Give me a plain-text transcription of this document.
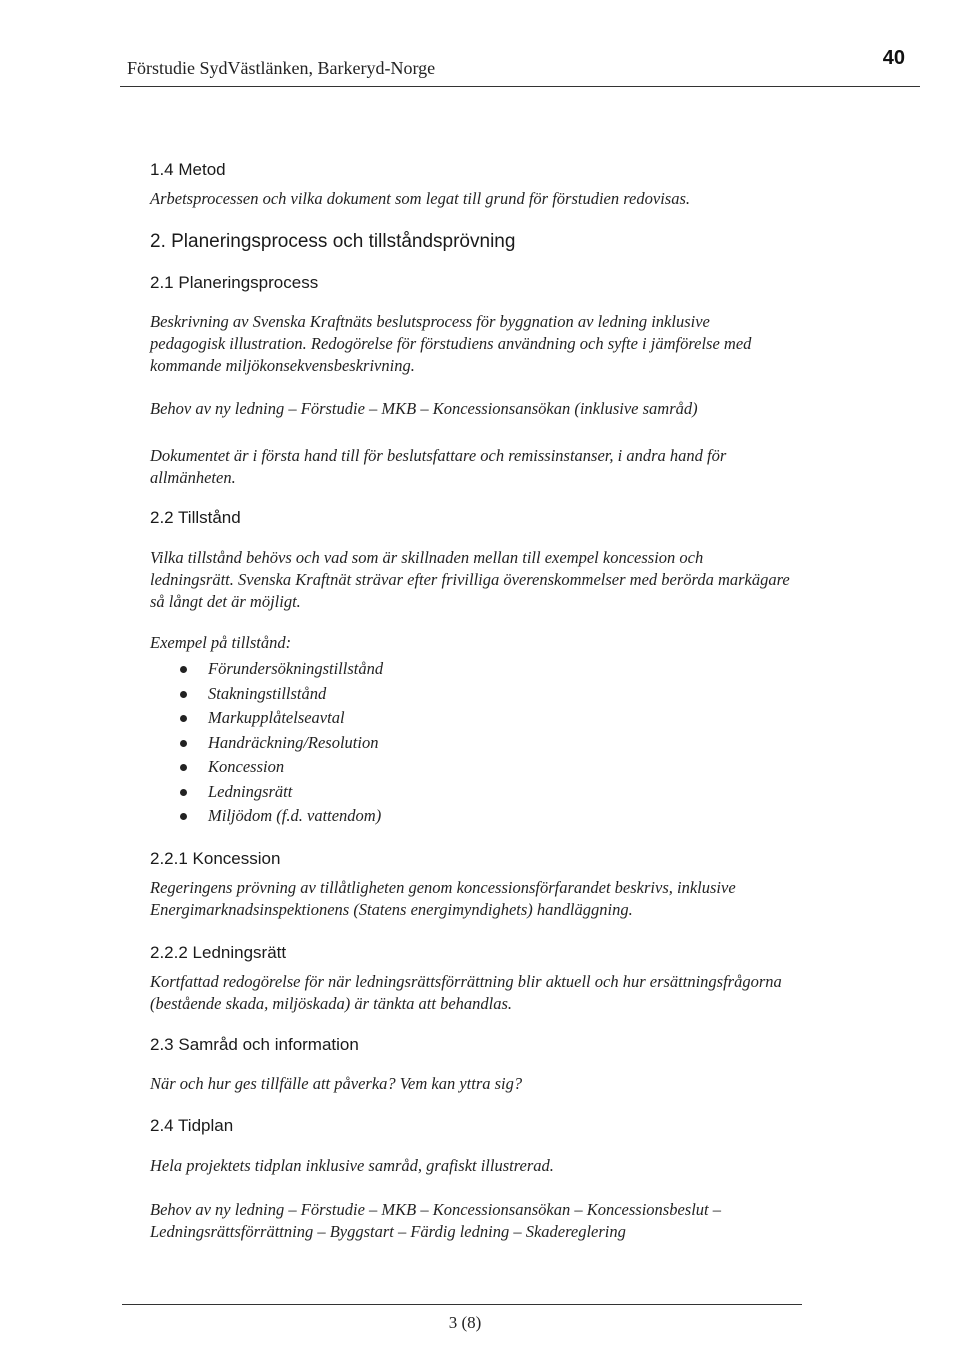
Förstudie SydVästlänken, Barkeryd-Norge	40
1.4 Metod

Arbetsprocessen och vilka dokument som legat till grund för förstudien redovisas.

2. Planeringsprocess och tillståndsprövning
2.1 Planeringsprocess

Beskrivning av Svenska Kraftnäts beslutsprocess för byggnation av ledning inklusive pedagogisk illustration. Redogörelse för förstudiens användning och syfte i jämförelse med kommande miljökonsekvensbeskrivning.

Behov av ny ledning – Förstudie – MKB – Koncessionsansökan (inklusive samråd)

Dokumentet är i första hand till för beslutsfattare och remissinstanser, i andra hand för allmänheten.

2.2 Tillstånd

Vilka tillstånd behövs och vad som är skillnaden mellan till exempel koncession och ledningsrätt. Svenska Kraftnät strävar efter frivilliga överenskommelser med berörda markägare så långt det är möjligt.

Exempel på tillstånd:

Förundersökningstillstånd
Stakningstillstånd
Markupplåtelseavtal
Handräckning/Resolution
Koncession
Ledningsrätt
Miljödom (f.d. vattendom)
2.2.1 Koncession

Regeringens prövning av tillåtligheten genom koncessionsförfarandet beskrivs, inklusive Energimarknadsinspektionens (Statens energimyndighets) handläggning.

2.2.2 Ledningsrätt

Kortfattad redogörelse för när ledningsrättsförrättning blir aktuell och hur ersättningsfrågorna (bestående skada, miljöskada) är tänkta att behandlas.

2.3 Samråd och information

När och hur ges tillfälle att påverka? Vem kan yttra sig?

2.4 Tidplan

Hela projektets tidplan inklusive samråd, grafiskt illustrerad.

Behov av ny ledning – Förstudie – MKB – Koncessionsansökan – Koncessionsbeslut – Ledningsrättsförrättning – Byggstart – Färdig ledning – Skadereglering

3 (8)
